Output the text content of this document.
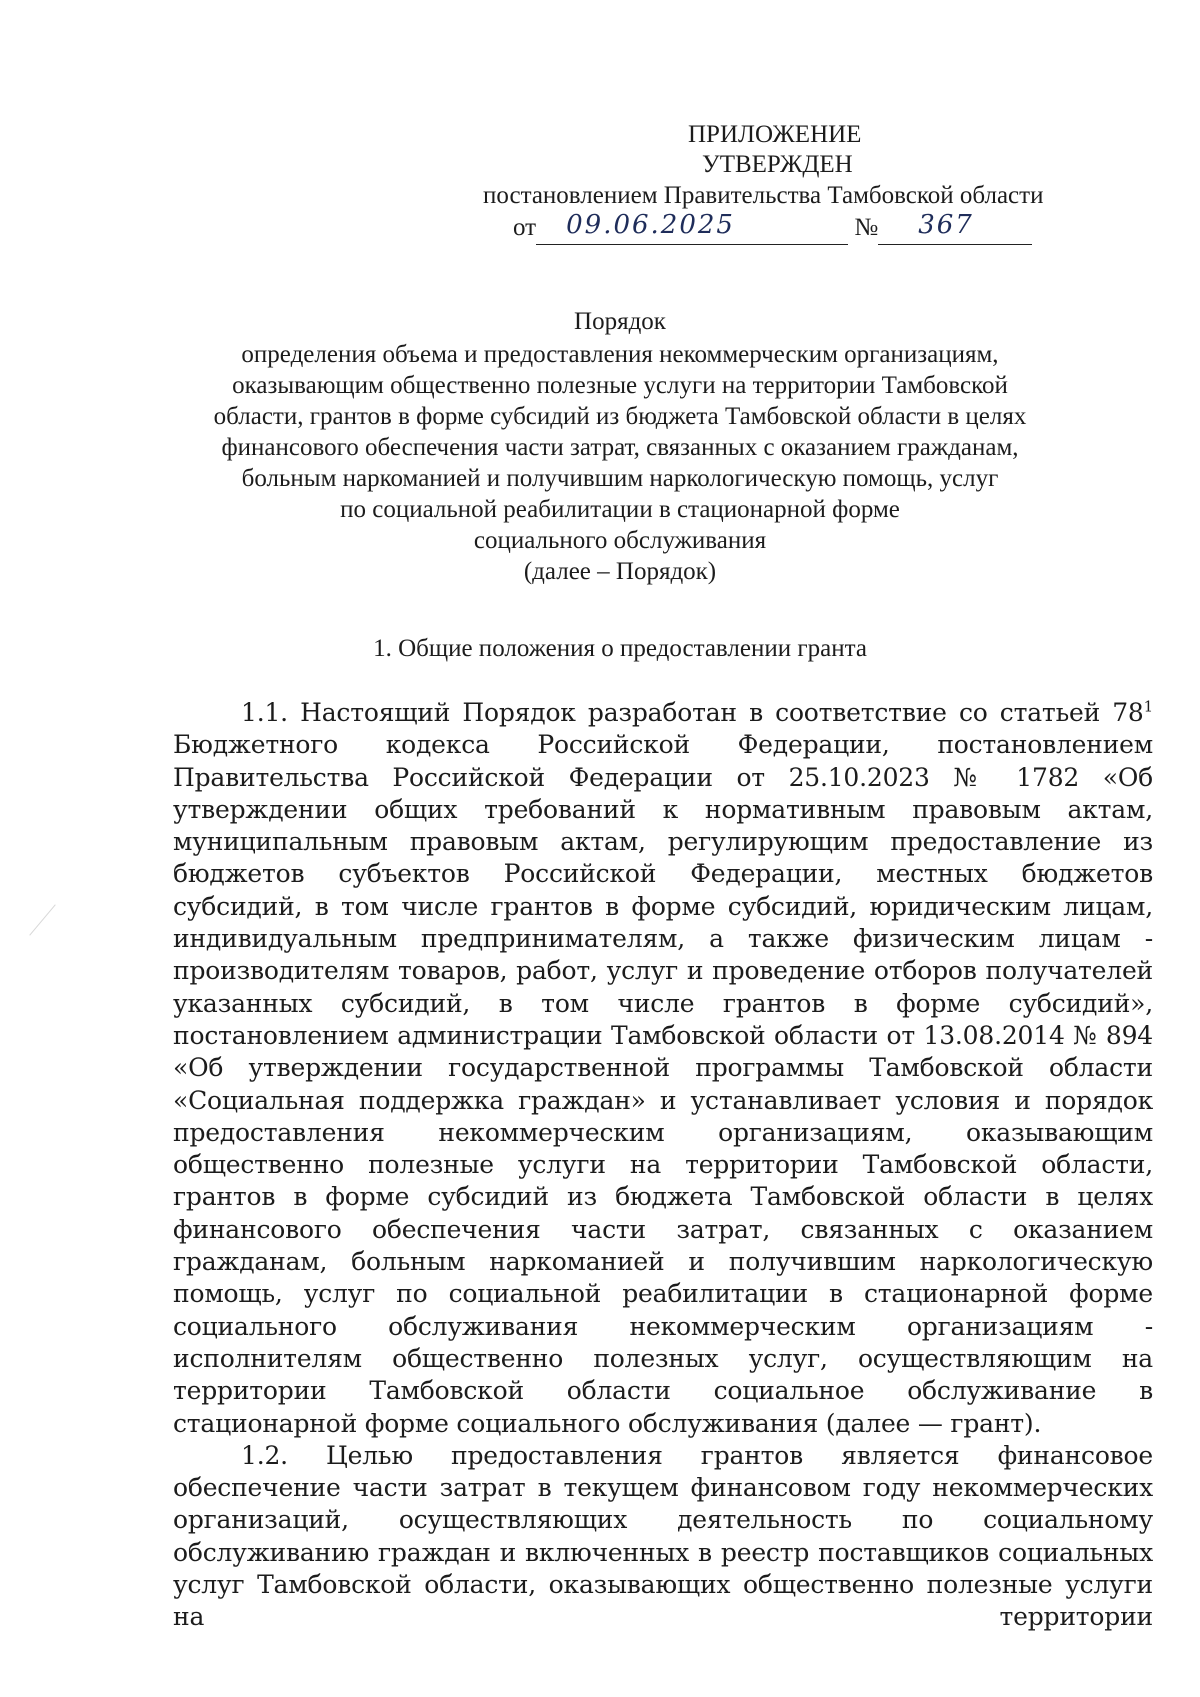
ПРИЛОЖЕНИЕ
УТВЕРЖДЕН
постановлением Правительства Тамбовской области
от 09.06.2025	№ 367
Порядок
определения объема и предоставления некоммерческим организациям,
оказывающим общественно полезные услуги на территории Тамбовской
области, грантов в форме субсидий из бюджета Тамбовской области в целях
финансового обеспечения части затрат, связанных с оказанием гражданам,
больным наркоманией и получившим наркологическую помощь, услуг
по социальной реабилитации в стационарной форме
социального обслуживания
(далее – Порядок)
1. Общие положения о предоставлении гранта

1.1. Настоящий Порядок разработан в соответствие со статьей $78^1$ Бюджетного кодекса Российской Федерации, постановлением Правительства Российской Федерации от 25.10.2023 № 1782 «Об утверждении общих требований к нормативным правовым актам, муниципальным правовым актам, регулирующим предоставление из бюджетов субъектов Российской Федерации, местных бюджетов субсидий, в том числе грантов в форме субсидий, юридическим лицам, индивидуальным предпринимателям, а также физическим лицам - производителям товаров, работ, услуг и проведение отборов получателей указанных субсидий, в том числе грантов в форме субсидий», постановлением администрации Тамбовской области от 13.08.2014 № 894 «Об утверждении государственной программы Тамбовской области «Социальная поддержка граждан» и устанавливает условия и порядок предоставления некоммерческим организациям, оказывающим общественно полезные услуги на территории Тамбовской области, грантов в форме субсидий из бюджета Тамбовской области в целях финансового обеспечения части затрат, связанных с оказанием гражданам, больным наркоманией и получившим наркологическую помощь, услуг по социальной реабилитации в стационарной форме социального обслуживания некоммерческим организациям - исполнителям общественно полезных услуг, осуществляющим на территории Тамбовской области социальное обслуживание в стационарной форме социального обслуживания (далее — грант).

1.2. Целью предоставления грантов является финансовое обеспечение части затрат в текущем финансовом году некоммерческих организаций, осуществляющих деятельность по социальному обслуживанию граждан и включенных в реестр поставщиков социальных услуг Тамбовской области, оказывающих общественно полезные услуги на территории
